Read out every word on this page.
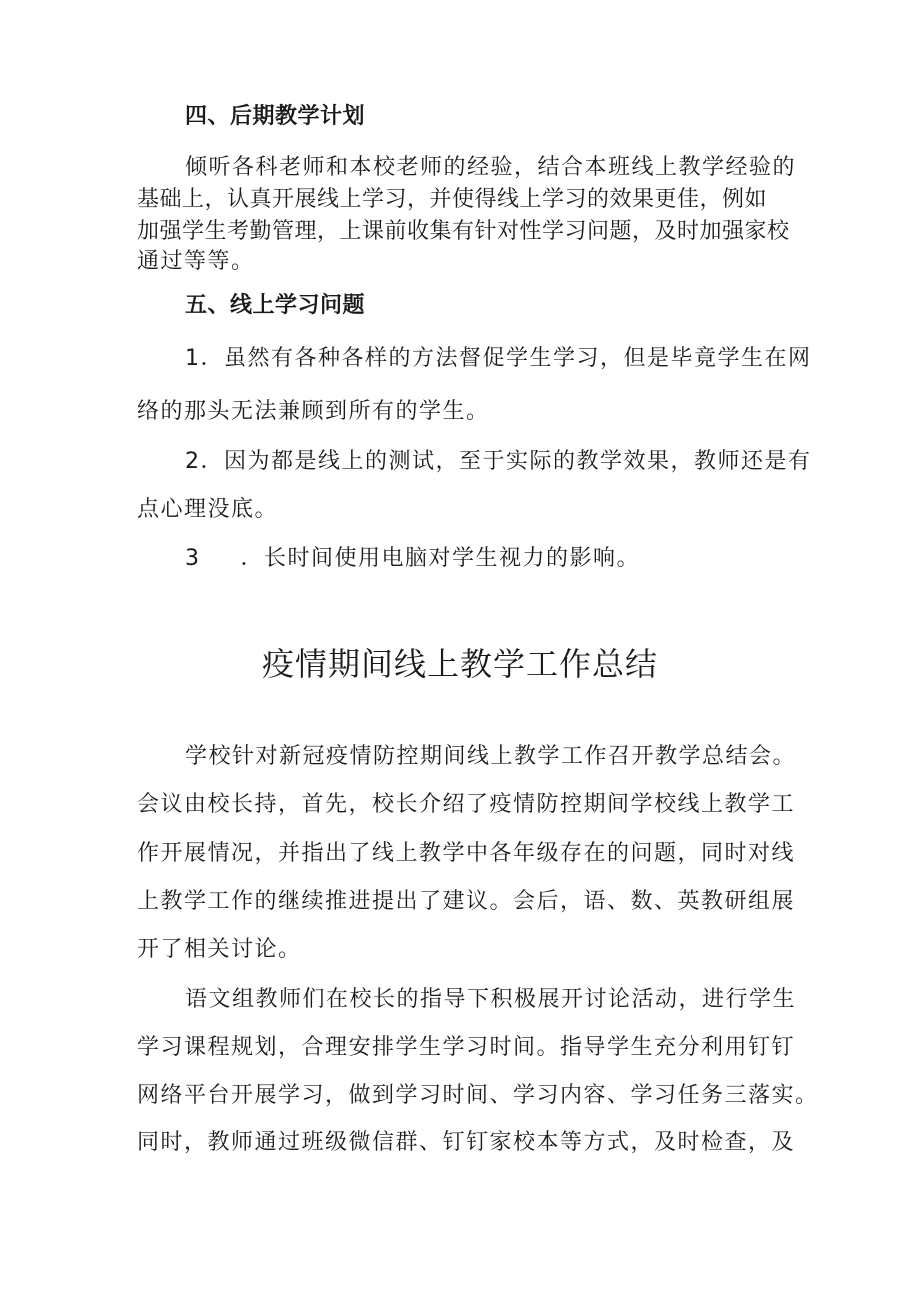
四、后期教学计划
倾听各科老师和本校老师的经验，结合本班线上教学经验的
基础上，认真开展线上学习，并使得线上学习的效果更佳，例如
加强学生考勤管理，上课前收集有针对性学习问题，及时加强家校
通过等等。
五、线上学习问题
1．虽然有各种各样的方法督促学生学习，但是毕竟学生在网
络的那头无法兼顾到所有的学生。
2．因为都是线上的测试，至于实际的教学效果，教师还是有
点心理没底。
3 ．长时间使用电脑对学生视力的影响。
疫情期间线上教学工作总结
学校针对新冠疫情防控期间线上教学工作召开教学总结会。
会议由校长持，首先，校长介绍了疫情防控期间学校线上教学工
作开展情况，并指出了线上教学中各年级存在的问题，同时对线
上教学工作的继续推进提出了建议。会后，语、数、英教研组展
开了相关讨论。
语文组教师们在校长的指导下积极展开讨论活动，进行学生
学习课程规划，合理安排学生学习时间。指导学生充分利用钉钉
网络平台开展学习，做到学习时间、学习内容、学习任务三落实。
同时，教师通过班级微信群、钉钉家校本等方式，及时检查，及
